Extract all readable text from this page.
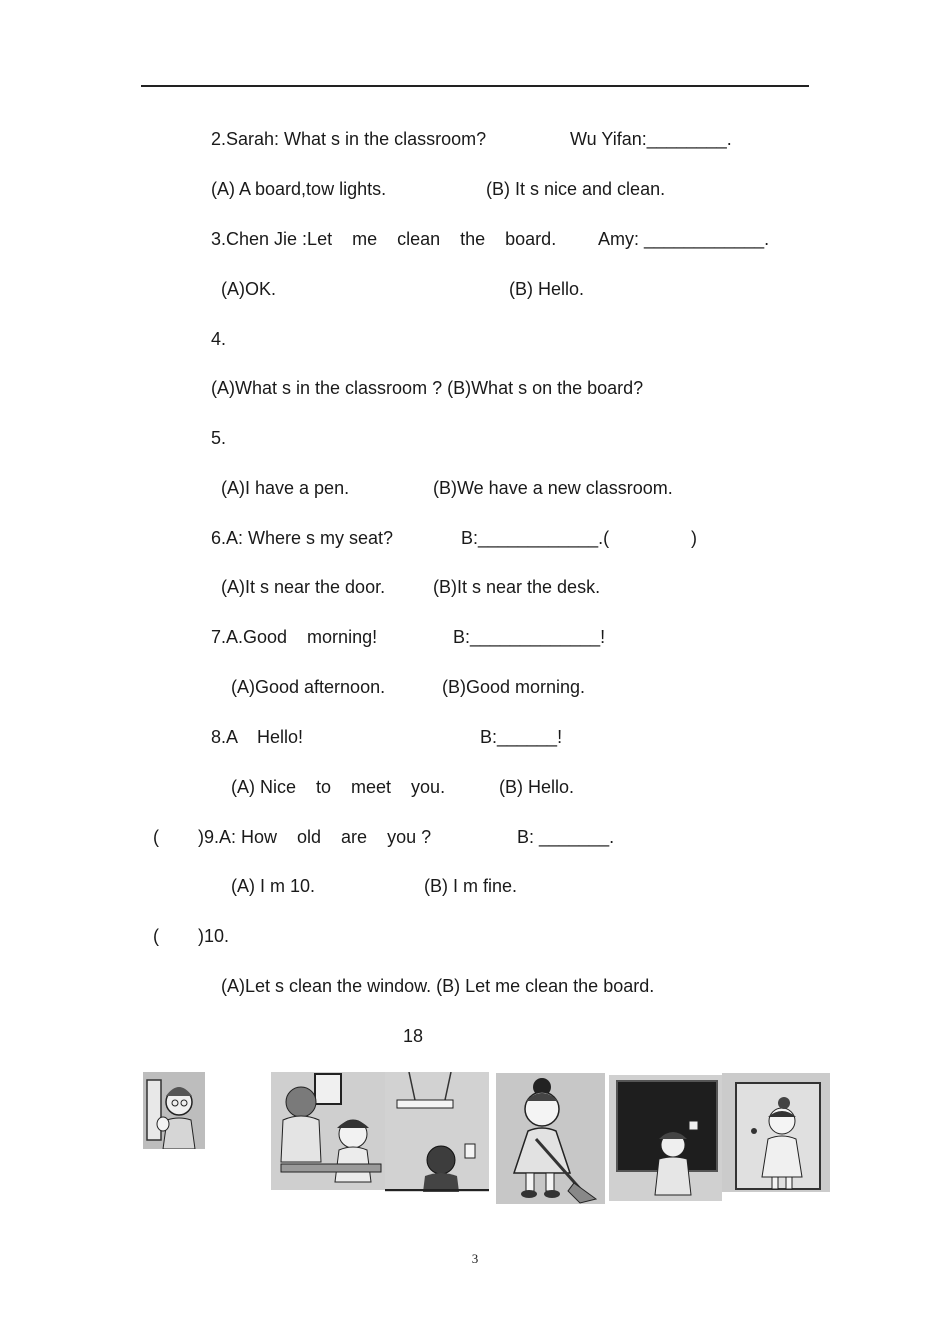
2.Sarah: What s in the classroom?	Wu Yifan:________.
(A) A board,tow lights.	(B) It s nice and clean.
3.Chen Jie :Let    me    clean    the    board. Amy: ____________.
(A)OK.	(B) Hello.
4.
(A)What s in the classroom ? (B)What s on the board?
5.
(A)I have a pen.	(B)We have a new classroom.
6.A: Where s my seat?	B:____________.(	)
(A)It s near the door.	(B)It s near the desk.
7.A.Good    morning!	B:_____________!
(A)Good afternoon.	(B)Good morning.
8.A    Hello!	B:______!
(A) Nice    to    meet    you.	(B) Hello.
( )9.A: How    old    are    you ?	B: _______.
(A) I m 10.	(B) I m fine.
( )10.
(A)Let s clean the window. (B) Let me clean the board.
18
3
